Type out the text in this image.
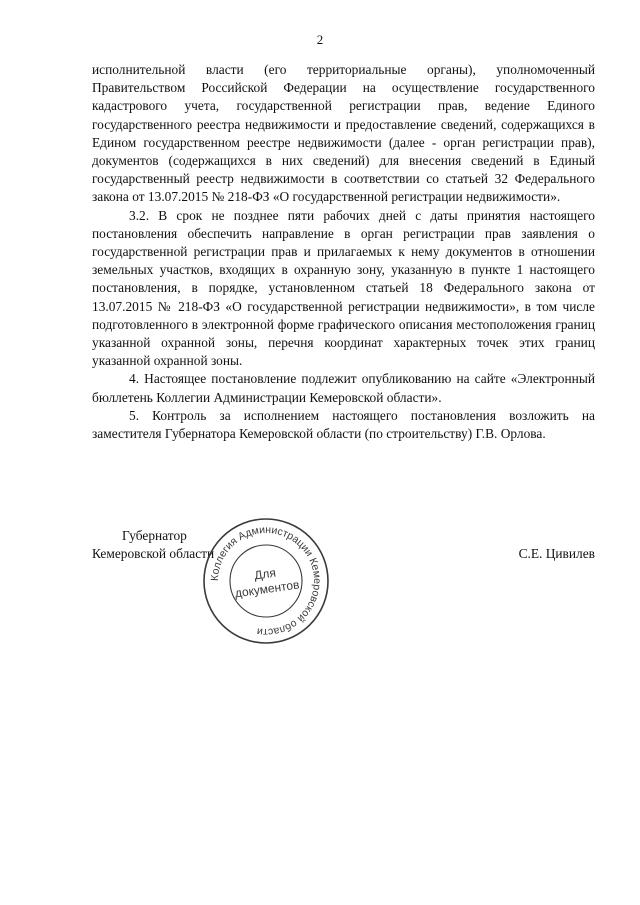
2

исполнительной власти (его территориальные органы), уполномоченный Правительством Российской Федерации на осуществление государственного кадастрового учета, государственной регистрации прав, ведение Единого государственного реестра недвижимости и предоставление сведений, содержащихся в Едином государственном реестре недвижимости (далее - орган регистрации прав), документов (содержащихся в них сведений) для внесения сведений в Единый государственный реестр недвижимости в соответствии со статьей 32 Федерального закона от 13.07.2015 № 218-ФЗ «О государственной регистрации недвижимости».

3.2. В срок не позднее пяти рабочих дней с даты принятия настоящего постановления обеспечить направление в орган регистрации прав заявления о государственной регистрации прав и прилагаемых к нему документов в отношении земельных участков, входящих в охранную зону, указанную в пункте 1 настоящего постановления, в порядке, установленном статьей 18 Федерального закона от 13.07.2015 № 218-ФЗ «О государственной регистрации недвижимости», в том числе подготовленного в электронной форме графического описания местоположения границ указанной охранной зоны, перечня координат характерных точек этих границ указанной охранной зоны.

4. Настоящее постановление подлежит опубликованию на сайте «Электронный бюллетень Коллегии Администрации Кемеровской области».

5. Контроль за исполнением настоящего постановления возложить на заместителя Губернатора Кемеровской области (по строительству) Г.В. Орлова.

Губернатор
Кемеровской области	С.Е. Цивилев
Коллегия Администрации Кемеровской области
Для
документов
